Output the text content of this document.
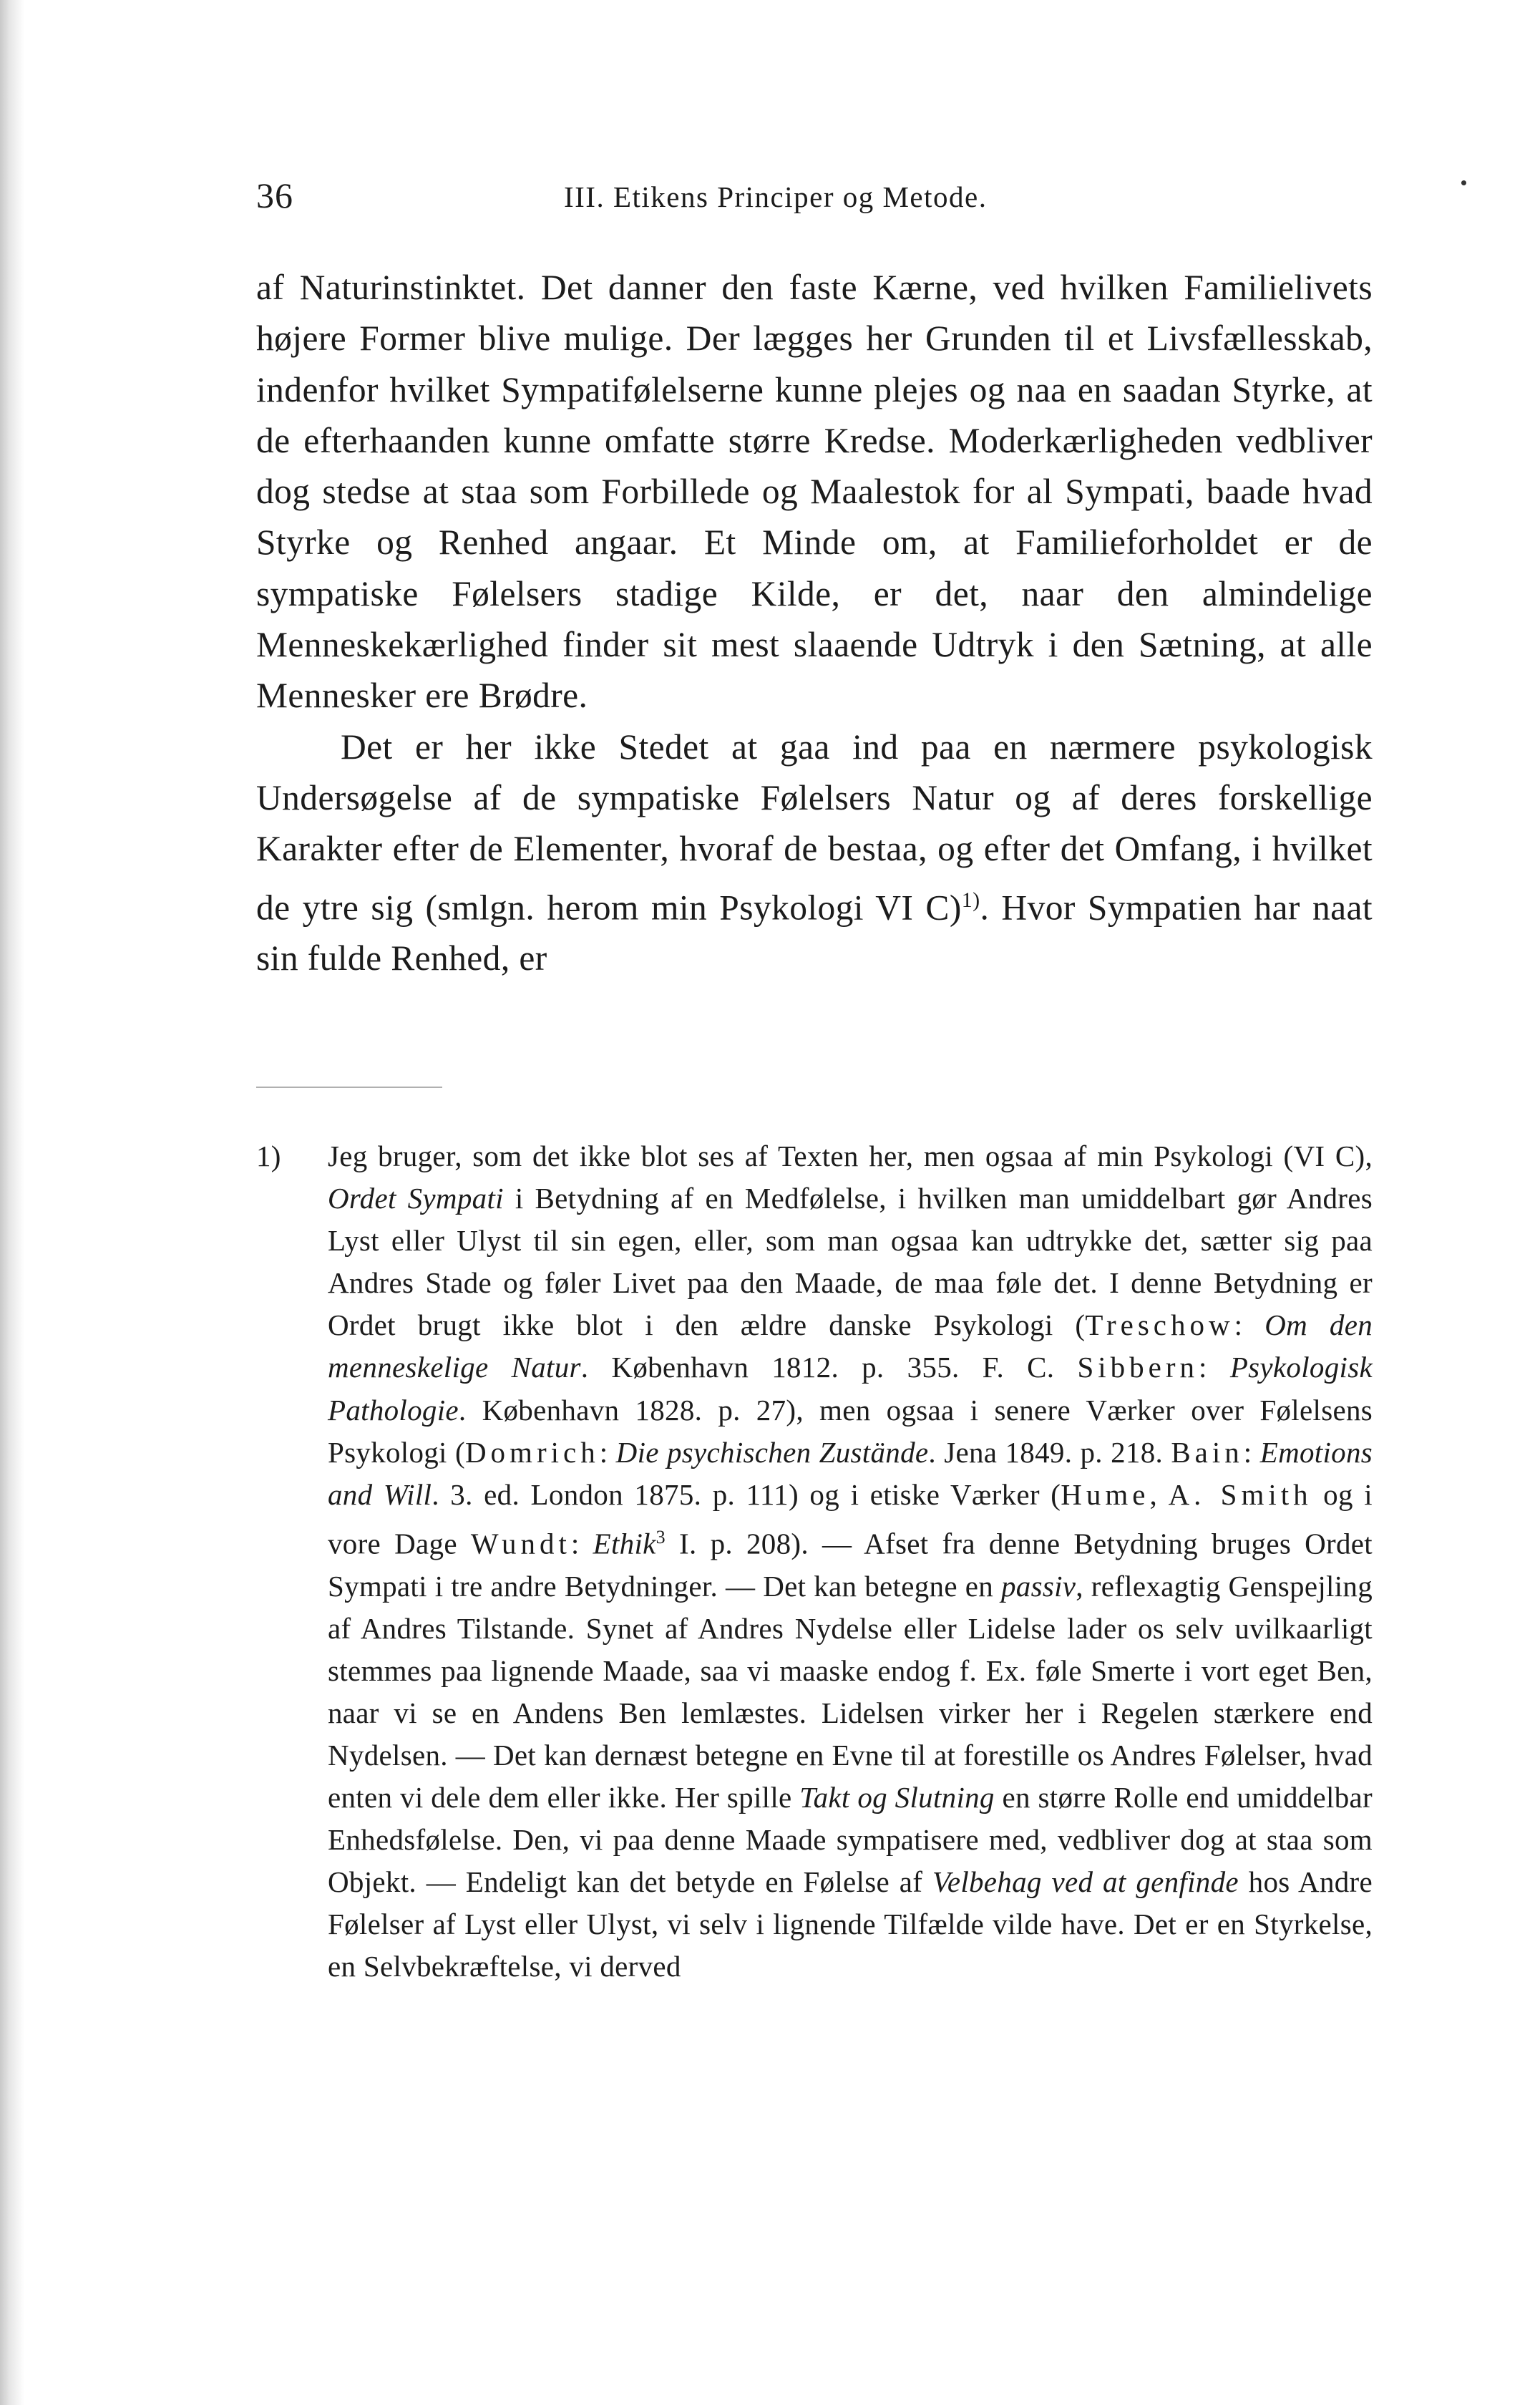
36	III. Etikens Principer og Metode.

af Naturinstinktet. Det danner den faste Kærne, ved hvilken Familielivets højere Former blive mulige. Der lægges her Grunden til et Livsfællesskab, indenfor hvilket Sympatifølelserne kunne plejes og naa en saadan Styrke, at de efterhaanden kunne omfatte større Kredse. Moderkærligheden vedbliver dog stedse at staa som Forbillede og Maalestok for al Sympati, baade hvad Styrke og Renhed angaar. Et Minde om, at Familieforholdet er de sympatiske Følelsers stadige Kilde, er det, naar den almindelige Menneskekærlighed finder sit mest slaaende Udtryk i den Sætning, at alle Mennesker ere Brødre.

Det er her ikke Stedet at gaa ind paa en nærmere psykologisk Undersøgelse af de sympatiske Følelsers Natur og af deres forskellige Karakter efter de Elementer, hvoraf de bestaa, og efter det Omfang, i hvilket de ytre sig (smlgn. herom min Psykologi VI C)$^{1)}$. Hvor Sympatien har naat sin fulde Renhed, er

1) Jeg bruger, som det ikke blot ses af Texten her, men ogsaa af min Psykologi (VI C), Ordet Sympati i Betydning af en Medfølelse, i hvilken man umiddelbart gør Andres Lyst eller Ulyst til sin egen, eller, som man ogsaa kan udtrykke det, sætter sig paa Andres Stade og føler Livet paa den Maade, de maa føle det. I denne Betydning er Ordet brugt ikke blot i den ældre danske Psykologi (Treschow: Om den menneskelige Natur. København 1812. p. 355. F. C. Sibbern: Psykologisk Pathologie. København 1828. p. 27), men ogsaa i senere Værker over Følelsens Psykologi (Domrich: Die psychischen Zustände. Jena 1849. p. 218. Bain: Emotions and Will. 3. ed. London 1875. p. 111) og i etiske Værker (Hume, A. Smith og i vore Dage Wundt: Ethik$^3$ I. p. 208). — Afset fra denne Betydning bruges Ordet Sympati i tre andre Betydninger. — Det kan betegne en passiv, reflexagtig Genspejling af Andres Tilstande. Synet af Andres Nydelse eller Lidelse lader os selv uvilkaarligt stemmes paa lignende Maade, saa vi maaske endog f. Ex. føle Smerte i vort eget Ben, naar vi se en Andens Ben lemlæstes. Lidelsen virker her i Regelen stærkere end Nydelsen. — Det kan dernæst betegne en Evne til at forestille os Andres Følelser, hvad enten vi dele dem eller ikke. Her spille Takt og Slutning en større Rolle end umiddelbar Enhedsfølelse. Den, vi paa denne Maade sympatisere med, vedbliver dog at staa som Objekt. — Endeligt kan det betyde en Følelse af Velbehag ved at genfinde hos Andre Følelser af Lyst eller Ulyst, vi selv i lignende Tilfælde vilde have. Det er en Styrkelse, en Selvbekræftelse, vi derved
